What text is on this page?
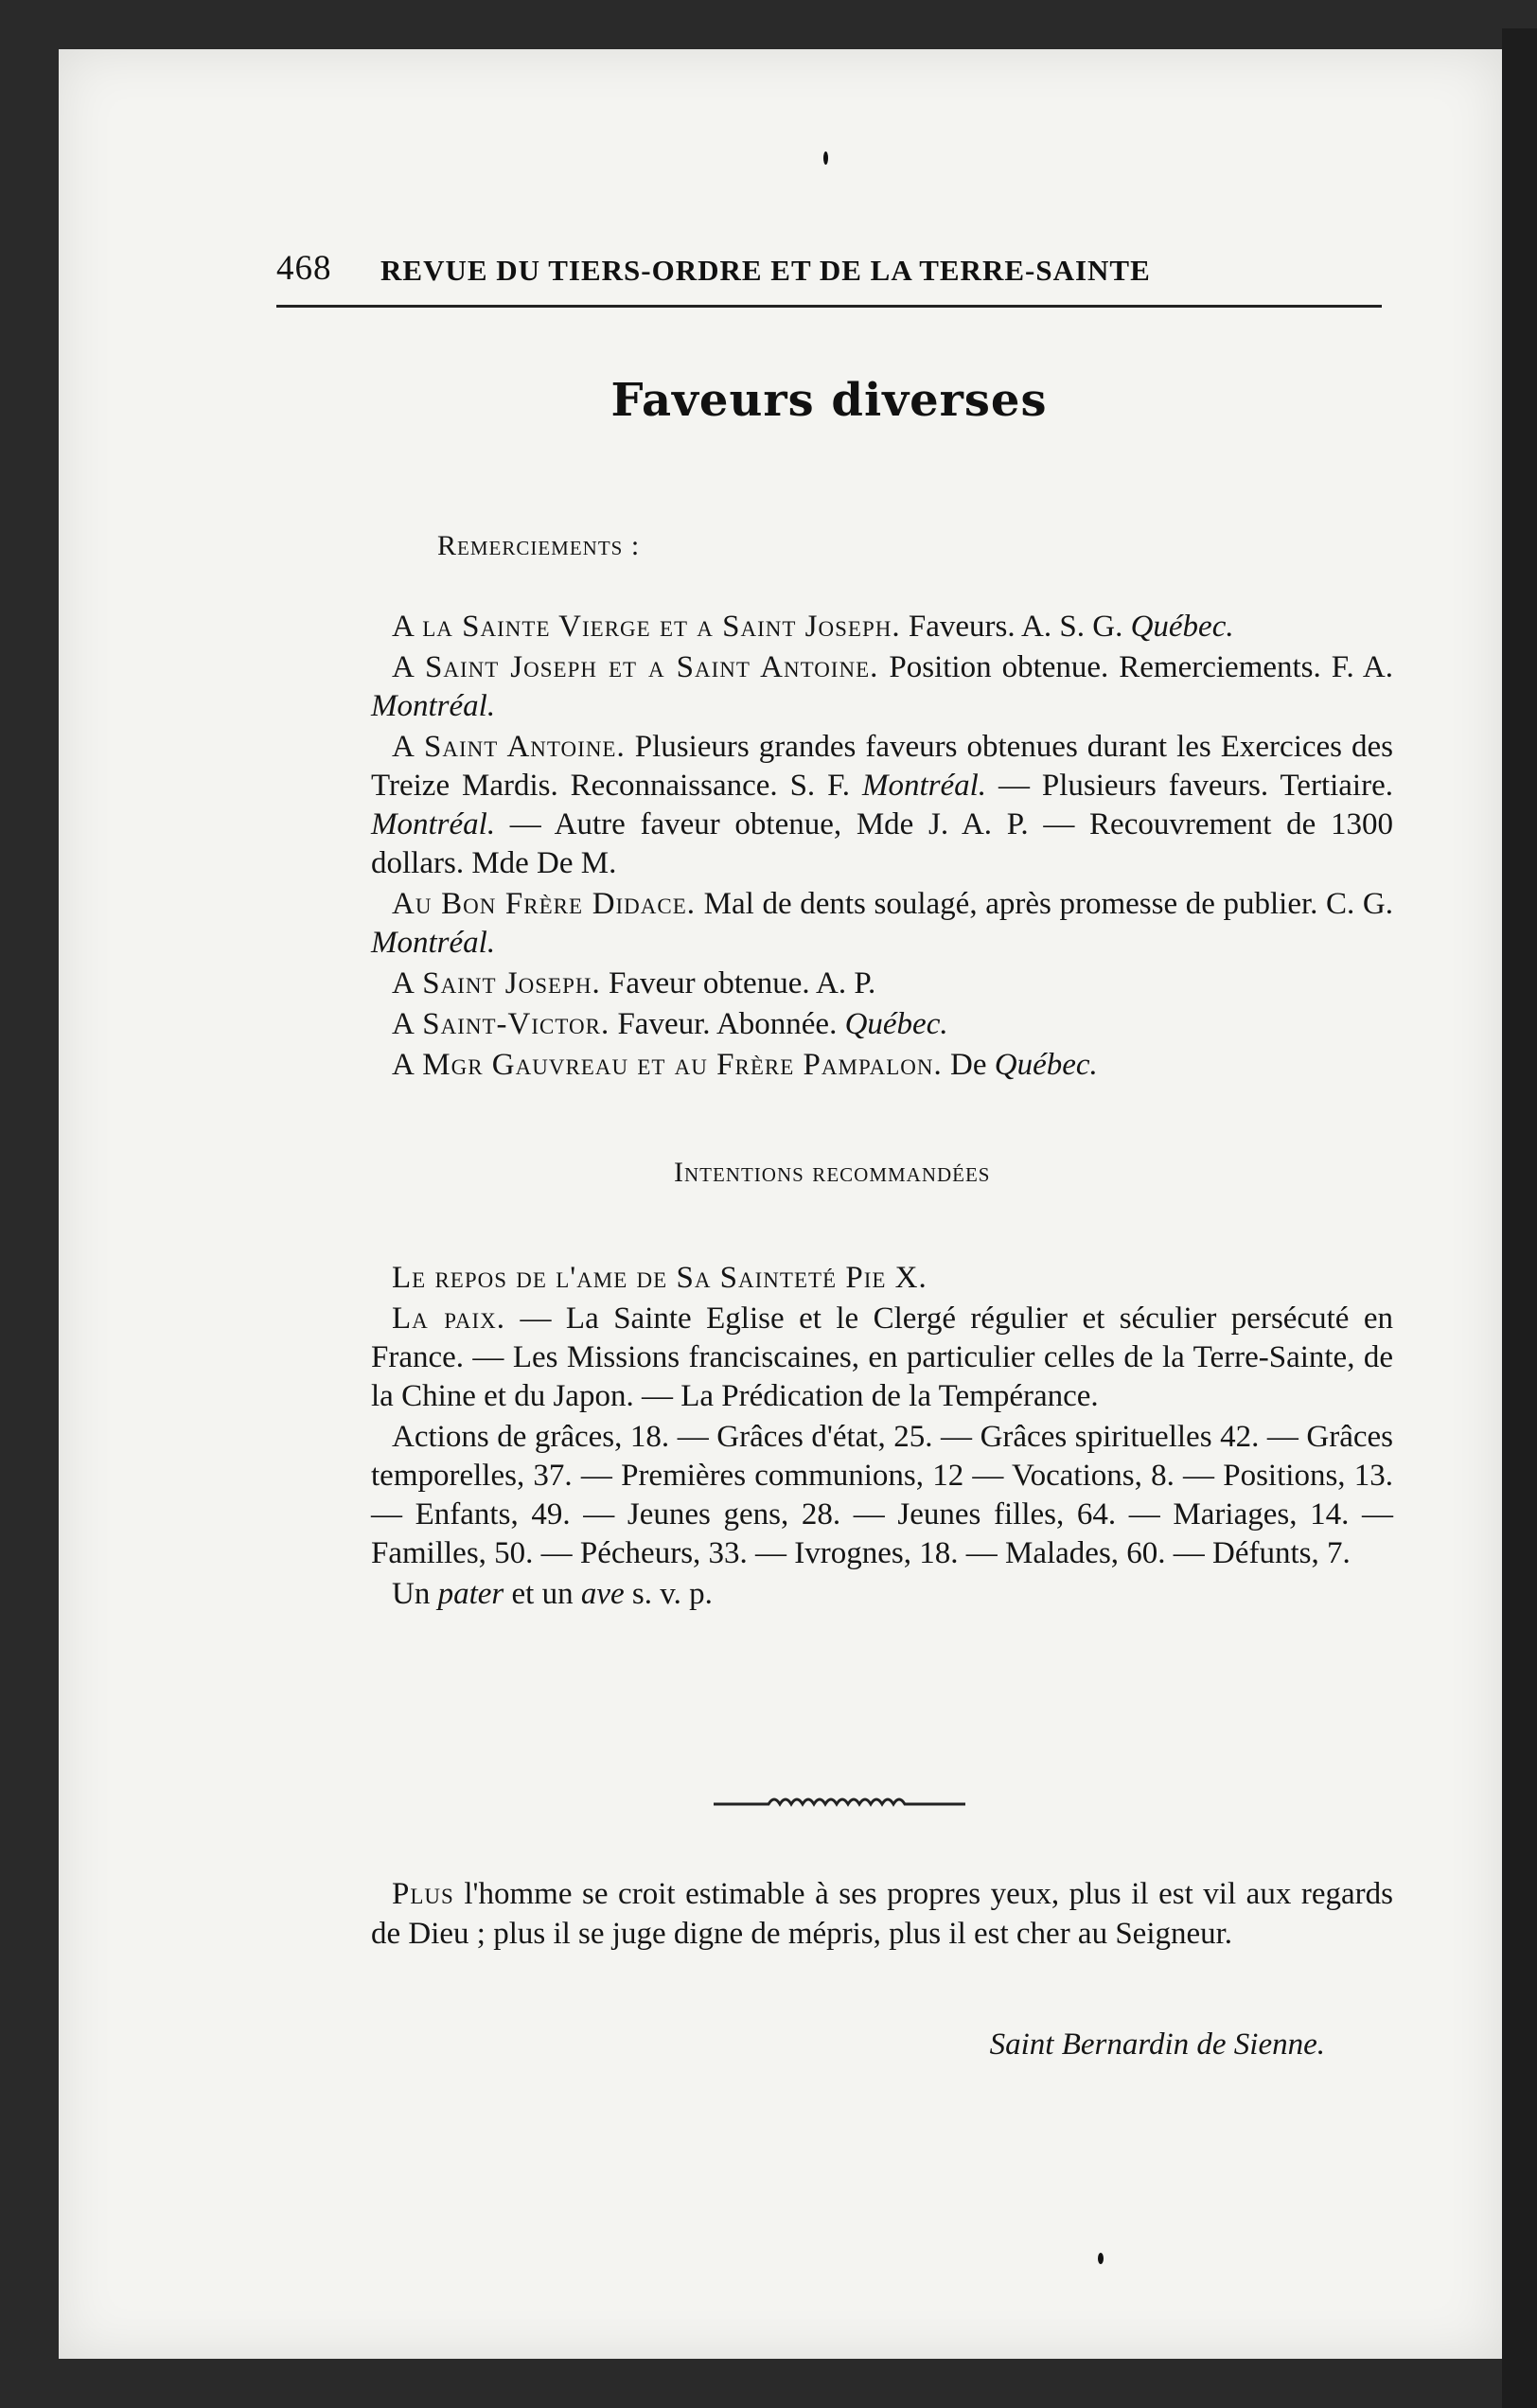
468 REVUE DU TIERS-ORDRE ET DE LA TERRE-SAINTE
Faveurs diverses
Remerciements :

A la Sainte Vierge et a Saint Joseph. Faveurs. A. S. G. Québec.

A Saint Joseph et a Saint Antoine. Position obtenue. Remerciements. F. A. Montréal.

A Saint Antoine. Plusieurs grandes faveurs obtenues durant les Exercices des Treize Mardis. Reconnaissance. S. F. Montréal. — Plusieurs faveurs. Tertiaire. Montréal. — Autre faveur obtenue, Mde J. A. P. — Recouvrement de 1300 dollars. Mde De M.

Au Bon Frère Didace. Mal de dents soulagé, après promesse de publier. C. G. Montréal.

A Saint Joseph. Faveur obtenue. A. P.

A Saint-Victor. Faveur. Abonnée. Québec.

A Mgr Gauvreau et au Frère Pampalon. De Québec.

Intentions recommandées

Le repos de l'ame de Sa Sainteté Pie X.

La paix. — La Sainte Eglise et le Clergé régulier et séculier persécuté en France. — Les Missions franciscaines, en particulier celles de la Terre-Sainte, de la Chine et du Japon. — La Prédication de la Tempérance.

Actions de grâces, 18. — Grâces d'état, 25. — Grâces spirituelles 42. — Grâces temporelles, 37. — Premières communions, 12 — Vocations, 8. — Positions, 13. — Enfants, 49. — Jeunes gens, 28. — Jeunes filles, 64. — Mariages, 14. — Familles, 50. — Pécheurs, 33. — Ivrognes, 18. — Malades, 60. — Défunts, 7.

Un pater et un ave s. v. p.

Plus l'homme se croit estimable à ses propres yeux, plus il est vil aux regards de Dieu ; plus il se juge digne de mépris, plus il est cher au Seigneur.

Saint Bernardin de Sienne.
